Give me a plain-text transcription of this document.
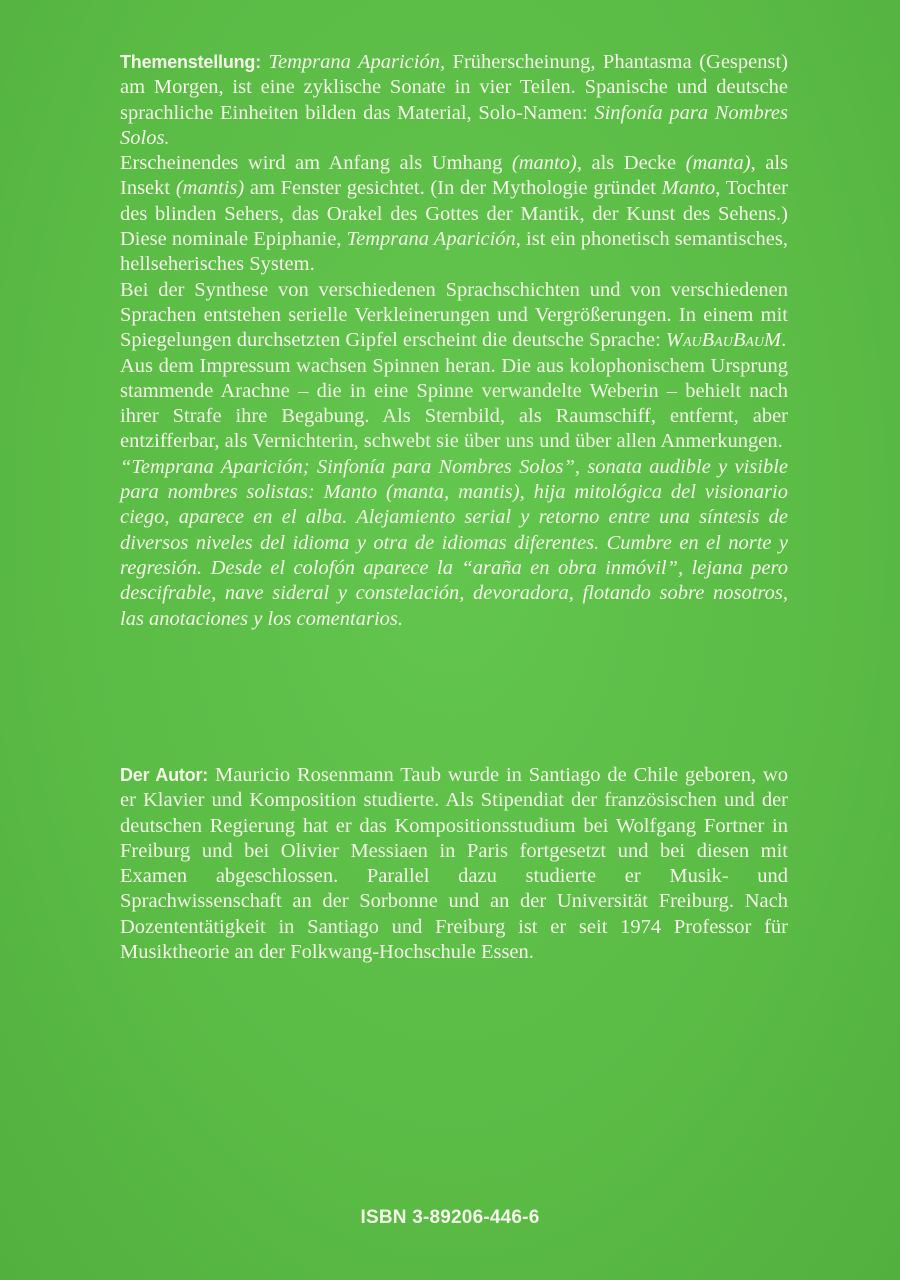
Themenstellung: Temprana Aparición, Früherscheinung, Phantasma (Gespenst) am Morgen, ist eine zyklische Sonate in vier Teilen. Spanische und deutsche sprachliche Einheiten bilden das Material, Solo-Namen: Sinfonía para Nombres Solos.

Erscheinendes wird am Anfang als Umhang (manto), als Decke (manta), als Insekt (mantis) am Fenster gesichtet. (In der Mythologie gründet Manto, Tochter des blinden Sehers, das Orakel des Gottes der Mantik, der Kunst des Sehens.) Diese nominale Epiphanie, Temprana Aparición, ist ein phonetisch semantisches, hellseherisches System.

Bei der Synthese von verschiedenen Sprachschichten und von verschiedenen Sprachen entstehen serielle Verkleinerungen und Vergrößerungen. In einem mit Spiegelungen durchsetzten Gipfel erscheint die deutsche Sprache: WauBauBauM.

Aus dem Impressum wachsen Spinnen heran. Die aus kolophonischem Ursprung stammende Arachne – die in eine Spinne verwandelte Weberin – behielt nach ihrer Strafe ihre Begabung. Als Sternbild, als Raumschiff, entfernt, aber entzifferbar, als Vernichterin, schwebt sie über uns und über allen Anmerkungen.

“Temprana Aparición; Sinfonía para Nombres Solos”, sonata audible y visible para nombres solistas: Manto (manta, mantis), hija mitológica del visionario ciego, aparece en el alba. Alejamiento serial y retorno entre una síntesis de diversos niveles del idioma y otra de idiomas diferentes. Cumbre en el norte y regresión. Desde el colofón aparece la “araña en obra inmóvil”, lejana pero descifrable, nave sideral y constelación, devoradora, flotando sobre nosotros, las anotaciones y los comentarios.

Der Autor: Mauricio Rosenmann Taub wurde in Santiago de Chile geboren, wo er Klavier und Komposition studierte. Als Stipendiat der französischen und der deutschen Regierung hat er das Kompositionsstudium bei Wolfgang Fortner in Freiburg und bei Olivier Messiaen in Paris fortgesetzt und bei diesen mit Examen abgeschlossen. Parallel dazu studierte er Musik- und Sprachwissenschaft an der Sorbonne und an der Universität Freiburg. Nach Dozententätigkeit in Santiago und Freiburg ist er seit 1974 Professor für Musiktheorie an der Folkwang-Hochschule Essen.

ISBN 3-89206-446-6
